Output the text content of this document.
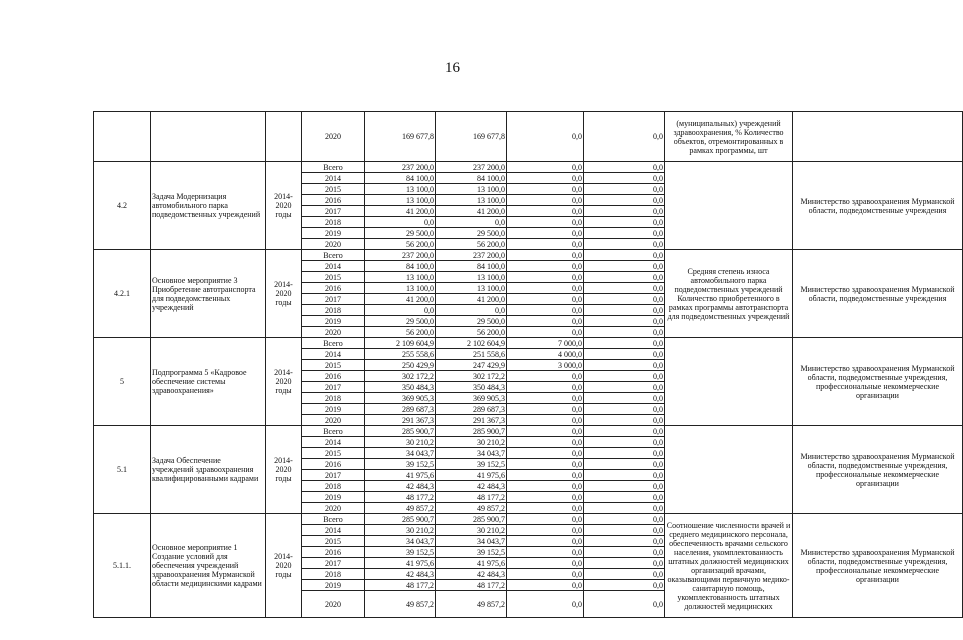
16
			2020	169 677,8	169 677,8	0,0	0,0	(муниципальных) учреждений здравоохранения, % Количество объектов, отремонтированных в рамках программы, шт	
4.2	Задача Модернизация автомобильного парка подведомственных учреждений	2014-2020 годы	Всего	237 200,0	237 200,0	0,0	0,0		Министерство здравоохранения Мурманской области, подведомственные учреждения
			2014	84 100,0	84 100,0	0,0	0,0		
			2015	13 100,0	13 100,0	0,0	0,0		
			2016	13 100,0	13 100,0	0,0	0,0		
			2017	41 200,0	41 200,0	0,0	0,0		
			2018	0,0	0,0	0,0	0,0		
			2019	29 500,0	29 500,0	0,0	0,0		
			2020	56 200,0	56 200,0	0,0	0,0		
4.2.1	Основное мероприятие 3 Приобретение автотранспорта для подведомственных учреждений	2014-2020 годы	Всего	237 200,0	237 200,0	0,0	0,0	Средняя степень износа автомобильного парка подведомственных учреждений Количество приобретенного в рамках программы автотранспорта для подведомственных учреждений	Министерство здравоохранения Мурманской области, подведомственные учреждения
			2014	84 100,0	84 100,0	0,0	0,0		
			2015	13 100,0	13 100,0	0,0	0,0		
			2016	13 100,0	13 100,0	0,0	0,0		
			2017	41 200,0	41 200,0	0,0	0,0		
			2018	0,0	0,0	0,0	0,0		
			2019	29 500,0	29 500,0	0,0	0,0		
			2020	56 200,0	56 200,0	0,0	0,0		
5	Подпрограмма 5 «Кадровое обеспечение системы здравоохранения»	2014-2020 годы	Всего	2 109 604,9	2 102 604,9	7 000,0	0,0		Министерство здравоохранения Мурманской области, подведомственные учреждения, профессиональные некоммерческие организации
			2014	255 558,6	251 558,6	4 000,0	0,0		
			2015	250 429,9	247 429,9	3 000,0	0,0		
			2016	302 172,2	302 172,2	0,0	0,0		
			2017	350 484,3	350 484,3	0,0	0,0		
			2018	369 905,3	369 905,3	0,0	0,0		
			2019	289 687,3	289 687,3	0,0	0,0		
			2020	291 367,3	291 367,3	0,0	0,0		
5.1	Задача Обеспечение учреждений здравоохранения квалифицированными кадрами	2014-2020 годы	Всего	285 900,7	285 900,7	0,0	0,0		Министерство здравоохранения Мурманской области, подведомственные учреждения, профессиональные некоммерческие организации
			2014	30 210,2	30 210,2	0,0	0,0		
			2015	34 043,7	34 043,7	0,0	0,0		
			2016	39 152,5	39 152,5	0,0	0,0		
			2017	41 975,6	41 975,6	0,0	0,0		
			2018	42 484,3	42 484,3	0,0	0,0		
			2019	48 177,2	48 177,2	0,0	0,0		
			2020	49 857,2	49 857,2	0,0	0,0		
5.1.1.	Основное мероприятие 1 Создание условий для обеспечения учреждений здравоохранения Мурманской области медицинскими кадрами	2014-2020 годы	Всего	285 900,7	285 900,7	0,0	0,0	Соотношение численности врачей и среднего медицинского персонала, обеспеченность врачами сельского населения, укомплектованность штатных должностей медицинских организаций врачами, оказывающими первичную медико-санитарную помощь, укомплектованность штатных должностей медицинских	Министерство здравоохранения Мурманской области, подведомственные учреждения, профессиональные некоммерческие организации
			2014	30 210,2	30 210,2	0,0	0,0		
			2015	34 043,7	34 043,7	0,0	0,0		
			2016	39 152,5	39 152,5	0,0	0,0		
			2017	41 975,6	41 975,6	0,0	0,0		
			2018	42 484,3	42 484,3	0,0	0,0		
			2019	48 177,2	48 177,2	0,0	0,0		
			2020	49 857,2	49 857,2	0,0	0,0		
